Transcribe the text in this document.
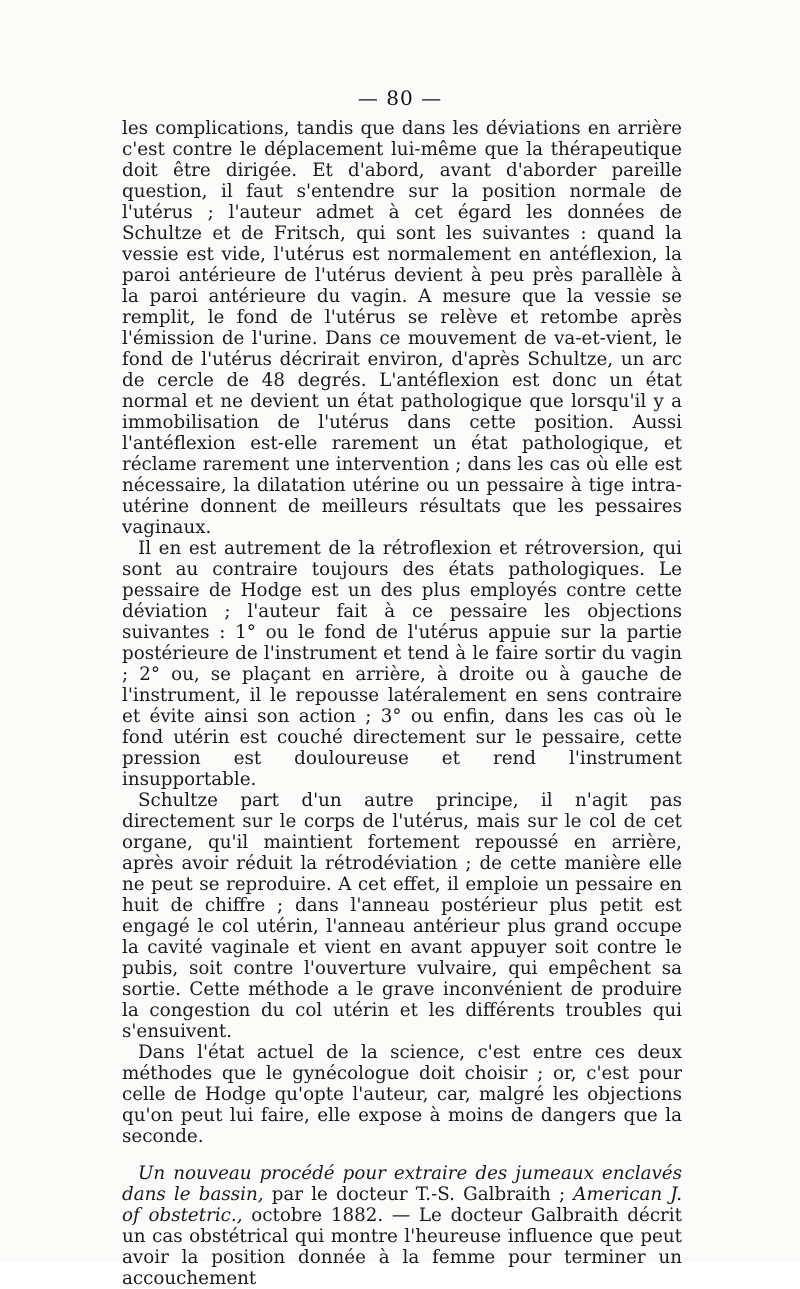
— 80 —

les complications, tandis que dans les déviations en arrière c'est contre le déplacement lui-même que la thérapeutique doit être dirigée. Et d'abord, avant d'aborder pareille question, il faut s'entendre sur la position normale de l'utérus ; l'auteur admet à cet égard les données de Schultze et de Fritsch, qui sont les suivantes : quand la vessie est vide, l'utérus est normalement en antéflexion, la paroi antérieure de l'utérus devient à peu près parallèle à la paroi antérieure du vagin. A mesure que la vessie se remplit, le fond de l'utérus se relève et retombe après l'émission de l'urine. Dans ce mouvement de va-et-vient, le fond de l'utérus décrirait environ, d'après Schultze, un arc de cercle de 48 degrés. L'antéflexion est donc un état normal et ne devient un état pathologique que lorsqu'il y a immobilisation de l'utérus dans cette position. Aussi l'antéflexion est-elle rarement un état pathologique, et réclame rarement une intervention ; dans les cas où elle est nécessaire, la dilatation utérine ou un pessaire à tige intra-utérine donnent de meilleurs résultats que les pessaires vaginaux.

Il en est autrement de la rétroflexion et rétroversion, qui sont au contraire toujours des états pathologiques. Le pessaire de Hodge est un des plus employés contre cette déviation ; l'auteur fait à ce pessaire les objections suivantes : 1° ou le fond de l'utérus appuie sur la partie postérieure de l'instrument et tend à le faire sortir du vagin ; 2° ou, se plaçant en arrière, à droite ou à gauche de l'instrument, il le repousse latéralement en sens contraire et évite ainsi son action ; 3° ou enfin, dans les cas où le fond utérin est couché directement sur le pessaire, cette pression est douloureuse et rend l'instrument insupportable.

Schultze part d'un autre principe, il n'agit pas directement sur le corps de l'utérus, mais sur le col de cet organe, qu'il maintient fortement repoussé en arrière, après avoir réduit la rétrodéviation ; de cette manière elle ne peut se reproduire. A cet effet, il emploie un pessaire en huit de chiffre ; dans l'anneau postérieur plus petit est engagé le col utérin, l'anneau antérieur plus grand occupe la cavité vaginale et vient en avant appuyer soit contre le pubis, soit contre l'ouverture vulvaire, qui empêchent sa sortie. Cette méthode a le grave inconvénient de produire la congestion du col utérin et les différents troubles qui s'ensuivent.

Dans l'état actuel de la science, c'est entre ces deux méthodes que le gynécologue doit choisir ; or, c'est pour celle de Hodge qu'opte l'auteur, car, malgré les objections qu'on peut lui faire, elle expose à moins de dangers que la seconde.

Un nouveau procédé pour extraire des jumeaux enclavés dans le bassin, par le docteur T.-S. Galbraith ; American J. of obstetric., octobre 1882. — Le docteur Galbraith décrit un cas obstétrical qui montre l'heureuse influence que peut avoir la position donnée à la femme pour terminer un accouchement
